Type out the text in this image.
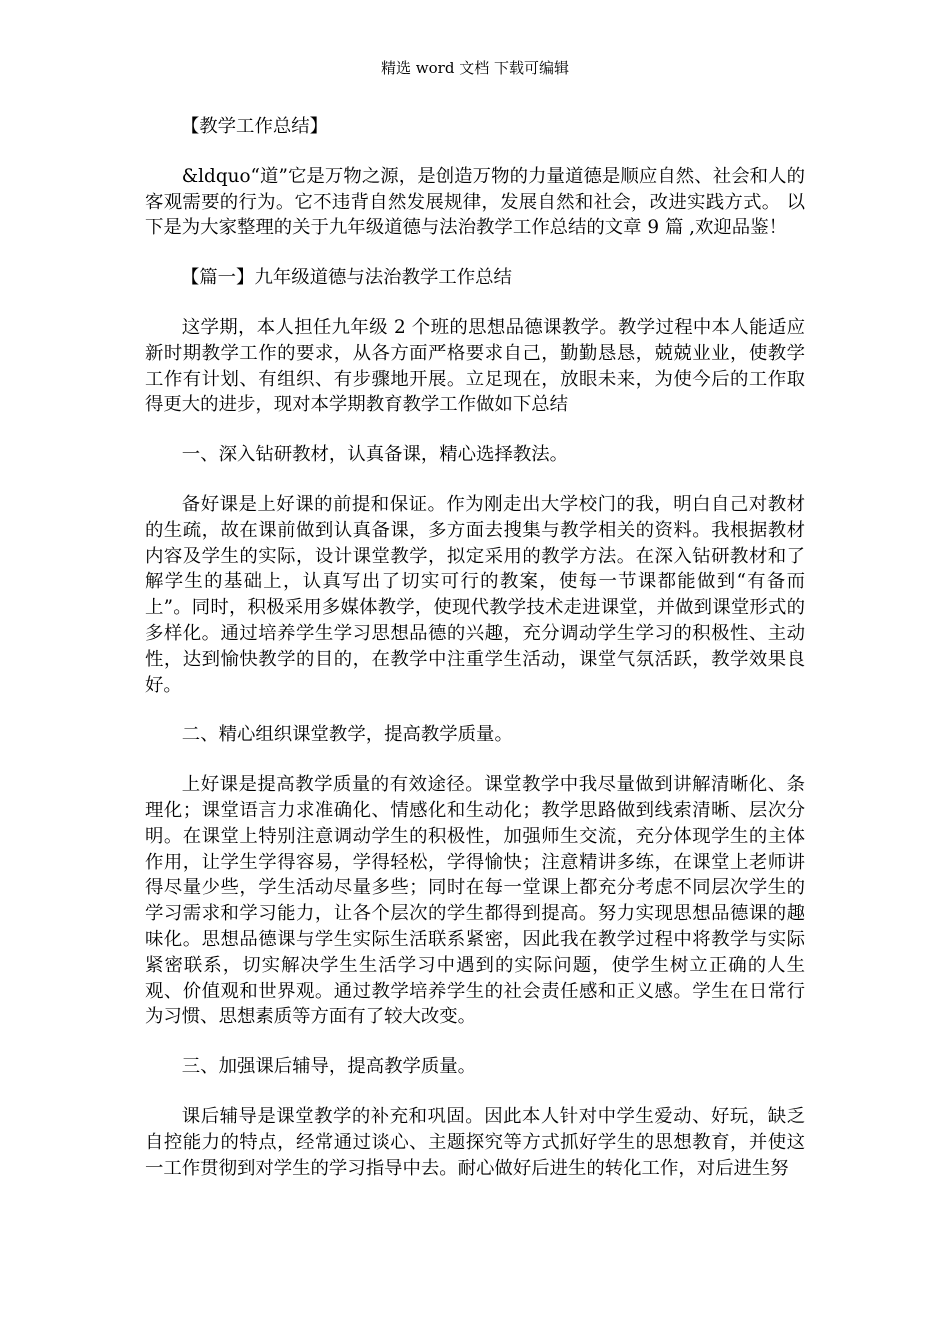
精选 word 文档 下载可编辑

【教学工作总结】

&ldquo“道”它是万物之源，是创造万物的力量道德是顺应自然、社会和人的客观需要的行为。它不违背自然发展规律，发展自然和社会，改进实践方式。 以下是为大家整理的关于九年级道德与法治教学工作总结的文章 9 篇 ,欢迎品鉴！

【篇一】九年级道德与法治教学工作总结

这学期，本人担任九年级 2 个班的思想品德课教学。教学过程中本人能适应新时期教学工作的要求，从各方面严格要求自己，勤勤恳恳，兢兢业业，使教学工作有计划、有组织、有步骤地开展。立足现在，放眼未来，为使今后的工作取得更大的进步，现对本学期教育教学工作做如下总结

一、深入钻研教材，认真备课，精心选择教法。

备好课是上好课的前提和保证。作为刚走出大学校门的我，明白自己对教材的生疏，故在课前做到认真备课，多方面去搜集与教学相关的资料。我根据教材内容及学生的实际，设计课堂教学，拟定采用的教学方法。在深入钻研教材和了解学生的基础上，认真写出了切实可行的教案，使每一节课都能做到“有备而上”。同时，积极采用多媒体教学，使现代教学技术走进课堂，并做到课堂形式的多样化。通过培养学生学习思想品德的兴趣，充分调动学生学习的积极性、主动性，达到愉快教学的目的，在教学中注重学生活动，课堂气氛活跃，教学效果良好。

二、精心组织课堂教学，提高教学质量。

上好课是提高教学质量的有效途径。课堂教学中我尽量做到讲解清晰化、条理化；课堂语言力求准确化、情感化和生动化；教学思路做到线索清晰、层次分明。在课堂上特别注意调动学生的积极性，加强师生交流，充分体现学生的主体作用，让学生学得容易，学得轻松，学得愉快；注意精讲多练，在课堂上老师讲得尽量少些，学生活动尽量多些；同时在每一堂课上都充分考虑不同层次学生的学习需求和学习能力，让各个层次的学生都得到提高。努力实现思想品德课的趣味化。思想品德课与学生实际生活联系紧密，因此我在教学过程中将教学与实际紧密联系，切实解决学生生活学习中遇到的实际问题，使学生树立正确的人生观、价值观和世界观。通过教学培养学生的社会责任感和正义感。学生在日常行为习惯、思想素质等方面有了较大改变。

三、加强课后辅导，提高教学质量。

课后辅导是课堂教学的补充和巩固。因此本人针对中学生爱动、好玩，缺乏自控能力的特点，经常通过谈心、主题探究等方式抓好学生的思想教育，并使这一工作贯彻到对学生的学习指导中去。耐心做好后进生的转化工作，对后进生努
